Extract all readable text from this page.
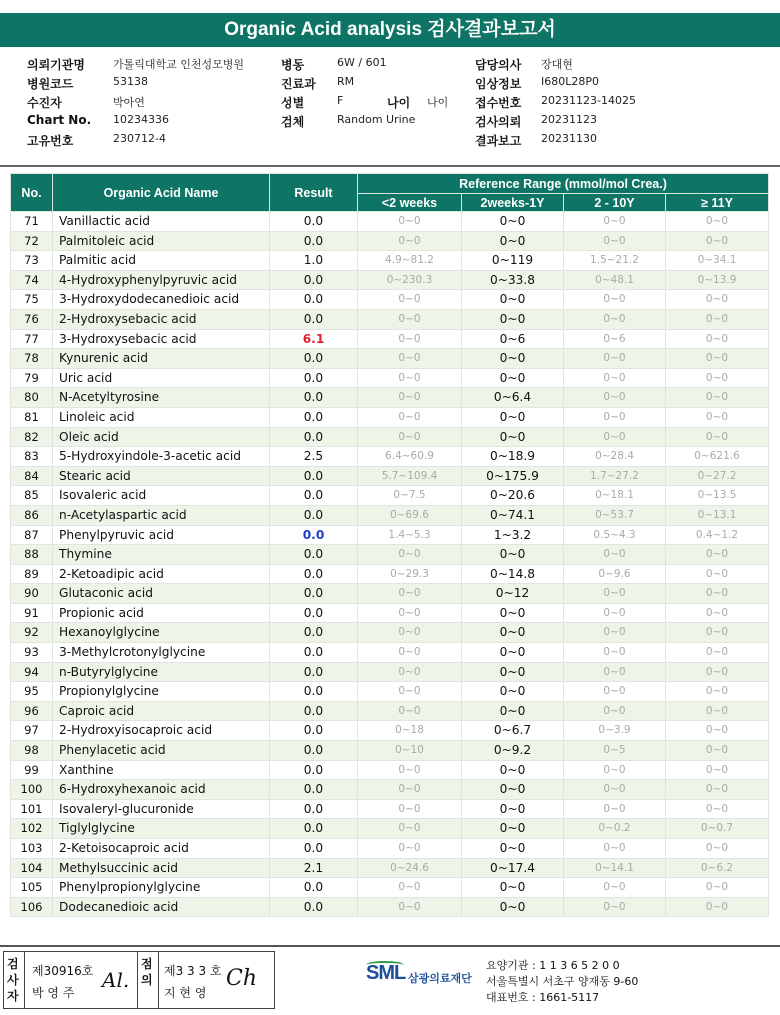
Organic Acid analysis 검사결과보고서
의뢰기관명	가톨릭대학교 인천성모병원	병동	6W / 601	담당의사 장대현
병원코드	53138	진료과 RM	임상정보 I680L28P0
수진자	박아연	성별	F	나이 나이 접수번호 20231123-14025
Chart No. 10234336	검체	Random Urine	검사의뢰 20231123
고유번호	230712-4	결과보고 20231130
No.	Organic Acid Name	Result	Reference Range (mmol/mol Crea.)			
			<2 weeks	2weeks-1Y	2 - 10Y	≥ 11Y
71	Vanillactic acid	0.0	0~0	0~0	0~0	0~0
72	Palmitoleic acid	0.0	0~0	0~0	0~0	0~0
73	Palmitic acid	1.0	4.9~81.2	0~119	1.5~21.2	0~34.1
74	4-Hydroxyphenylpyruvic acid	0.0	0~230.3	0~33.8	0~48.1	0~13.9
75	3-Hydroxydodecanedioic acid	0.0	0~0	0~0	0~0	0~0
76	2-Hydroxysebacic acid	0.0	0~0	0~0	0~0	0~0
77	3-Hydroxysebacic acid	6.1	0~0	0~6	0~6	0~0
78	Kynurenic acid	0.0	0~0	0~0	0~0	0~0
79	Uric acid	0.0	0~0	0~0	0~0	0~0
80	N-Acetyltyrosine	0.0	0~0	0~6.4	0~0	0~0
81	Linoleic acid	0.0	0~0	0~0	0~0	0~0
82	Oleic acid	0.0	0~0	0~0	0~0	0~0
83	5-Hydroxyindole-3-acetic acid	2.5	6.4~60.9	0~18.9	0~28.4	0~621.6
84	Stearic acid	0.0	5.7~109.4	0~175.9	1.7~27.2	0~27.2
85	Isovaleric acid	0.0	0~7.5	0~20.6	0~18.1	0~13.5
86	n-Acetylaspartic acid	0.0	0~69.6	0~74.1	0~53.7	0~13.1
87	Phenylpyruvic acid	0.0	1.4~5.3	1~3.2	0.5~4.3	0.4~1.2
88	Thymine	0.0	0~0	0~0	0~0	0~0
89	2-Ketoadipic acid	0.0	0~29.3	0~14.8	0~9.6	0~0
90	Glutaconic acid	0.0	0~0	0~12	0~0	0~0
91	Propionic acid	0.0	0~0	0~0	0~0	0~0
92	Hexanoylglycine	0.0	0~0	0~0	0~0	0~0
93	3-Methylcrotonylglycine	0.0	0~0	0~0	0~0	0~0
94	n-Butyrylglycine	0.0	0~0	0~0	0~0	0~0
95	Propionylglycine	0.0	0~0	0~0	0~0	0~0
96	Caproic acid	0.0	0~0	0~0	0~0	0~0
97	2-Hydroxyisocaproic acid	0.0	0~18	0~6.7	0~3.9	0~0
98	Phenylacetic acid	0.0	0~10	0~9.2	0~5	0~0
99	Xanthine	0.0	0~0	0~0	0~0	0~0
100	6-Hydroxyhexanoic acid	0.0	0~0	0~0	0~0	0~0
101	Isovaleryl-glucuronide	0.0	0~0	0~0	0~0	0~0
102	Tiglylglycine	0.0	0~0	0~0	0~0.2	0~0.7
103	2-Ketoisocaproic acid	0.0	0~0	0~0	0~0	0~0
104	Methylsuccinic acid	2.1	0~24.6	0~17.4	0~14.1	0~6.2
105	Phenylpropionylglycine	0.0	0~0	0~0	0~0	0~0
106	Dodecanedioic acid	0.0	0~0	0~0	0~0	0~0
검사자
제30916호
박 영 주
Al.
점의
제3 3 3 호
지 현 영
Ch	SML 삼광의료재단
요양기관 : 1 1 3 6 5 2 0 0
서울특별시 서초구 양재동 9-60
대표번호 : 1661-5117
